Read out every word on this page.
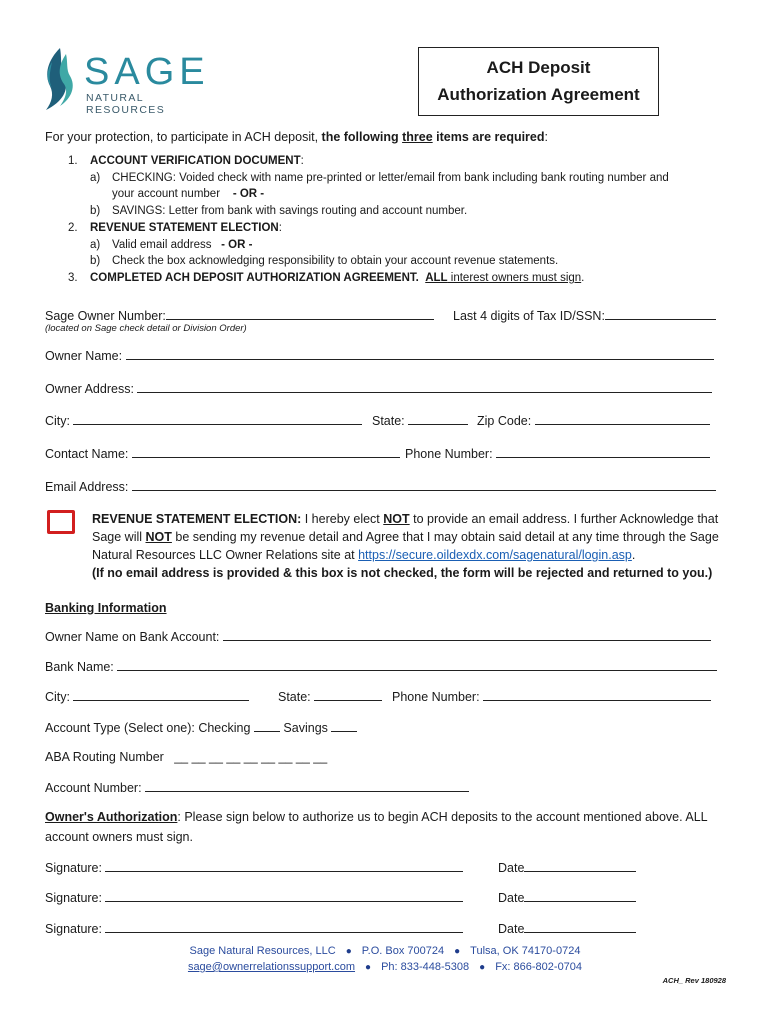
SAGE
NATURAL RESOURCES
ACH Deposit
Authorization Agreement
For your protection, to participate in ACH deposit, the following three items are required:
1. ACCOUNT VERIFICATION DOCUMENT:
a) CHECKING: Voided check with name pre-printed or letter/email from bank including bank routing number and
your account number - OR -
b) SAVINGS: Letter from bank with savings routing and account number.
2. REVENUE STATEMENT ELECTION:
a) Valid email address - OR -
b) Check the box acknowledging responsibility to obtain your account revenue statements.
3. COMPLETED ACH DEPOSIT AUTHORIZATION AGREEMENT. ALL interest owners must sign.
Sage Owner Number:	Last 4 digits of Tax ID/SSN:
(located on Sage check detail or Division Order)
Owner Name:
Owner Address:
City:	State:	Zip Code:
Contact Name:	Phone Number:
Email Address:
REVENUE STATEMENT ELECTION: I hereby elect NOT to provide an email address. I further Acknowledge that
Sage will NOT be sending my revenue detail and Agree that I may obtain said detail at any time through the Sage
Natural Resources LLC Owner Relations site at https://secure.oildexdx.com/sagenatural/login.asp.
(If no email address is provided & this box is not checked, the form will be rejected and returned to you.)
Banking Information
Owner Name on Bank Account:
Bank Name:
City:	State:	Phone Number:
Account Type (Select one): Checking	Savings
ABA Routing Number __ __ __ __ __ __ __ __ __
Account Number:
Owner's Authorization: Please sign below to authorize us to begin ACH deposits to the account mentioned above. ALL
account owners must sign.
Signature:	Date
Signature:	Date
Signature:	Date
Sage Natural Resources, LLC ● P.O. Box 700724 ● Tulsa, OK 74170-0724
sage@ownerrelationssupport.com ● Ph: 833-448-5308 ● Fx: 866-802-0704
ACH_ Rev 180928
